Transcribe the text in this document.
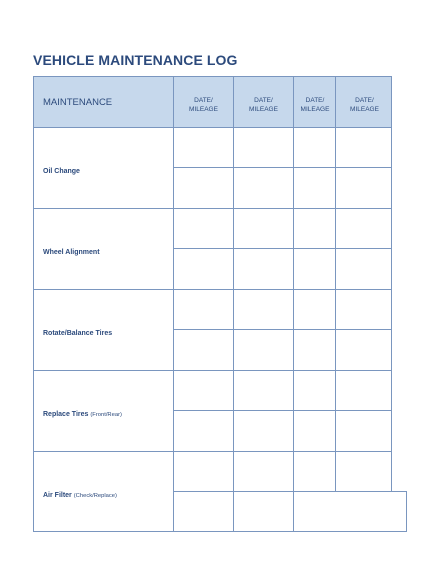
VEHICLE MAINTENANCE LOG
MAINTENANCE	DATE/
MILEAGE
DATE/
MILEAGE
DATE/
MILEAGE
DATE/
MILEAGE
Oil Change
Wheel Alignment
Rotate/Balance Tires
Replace Tires (Front/Rear)
Air Filter (Check/Replace)
